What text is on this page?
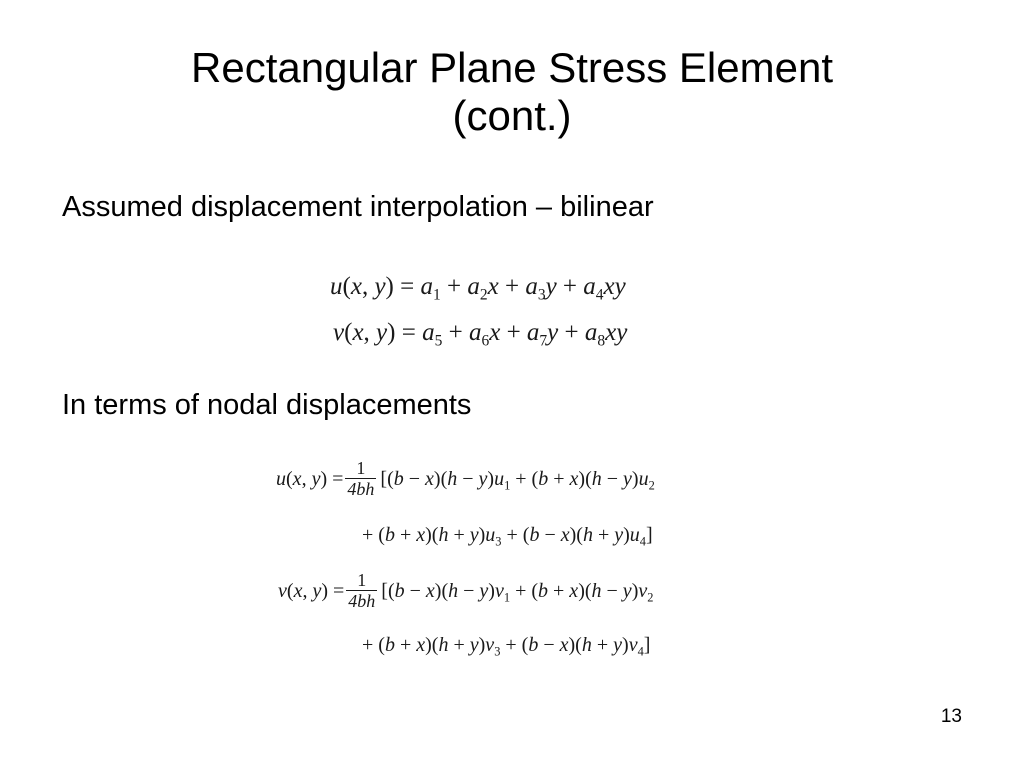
Rectangular Plane Stress Element
(cont.)
Assumed displacement interpolation – bilinear
u(x, $y) = a_1 + a_2x + a_3y + a_4xy$
v(x, $y) = a_5 + a_6x + a_7y + a_8xy$
In terms of nodal displacements
u(x, $y) = \frac{1}{4bh} [(b - x)(h - y)u_1 + (b + x)(h - y)u_2$
+ $(b + x)(h + y)u_3 + (b - x)(h + y)u_4$]
v(x, $y) = \frac{1}{4bh} [(b - x)(h - y)v_1 + (b + x)(h - y)v_2$
+ $(b + x)(h + y)v_3 + (b - x)(h + y)v_4$]
13
